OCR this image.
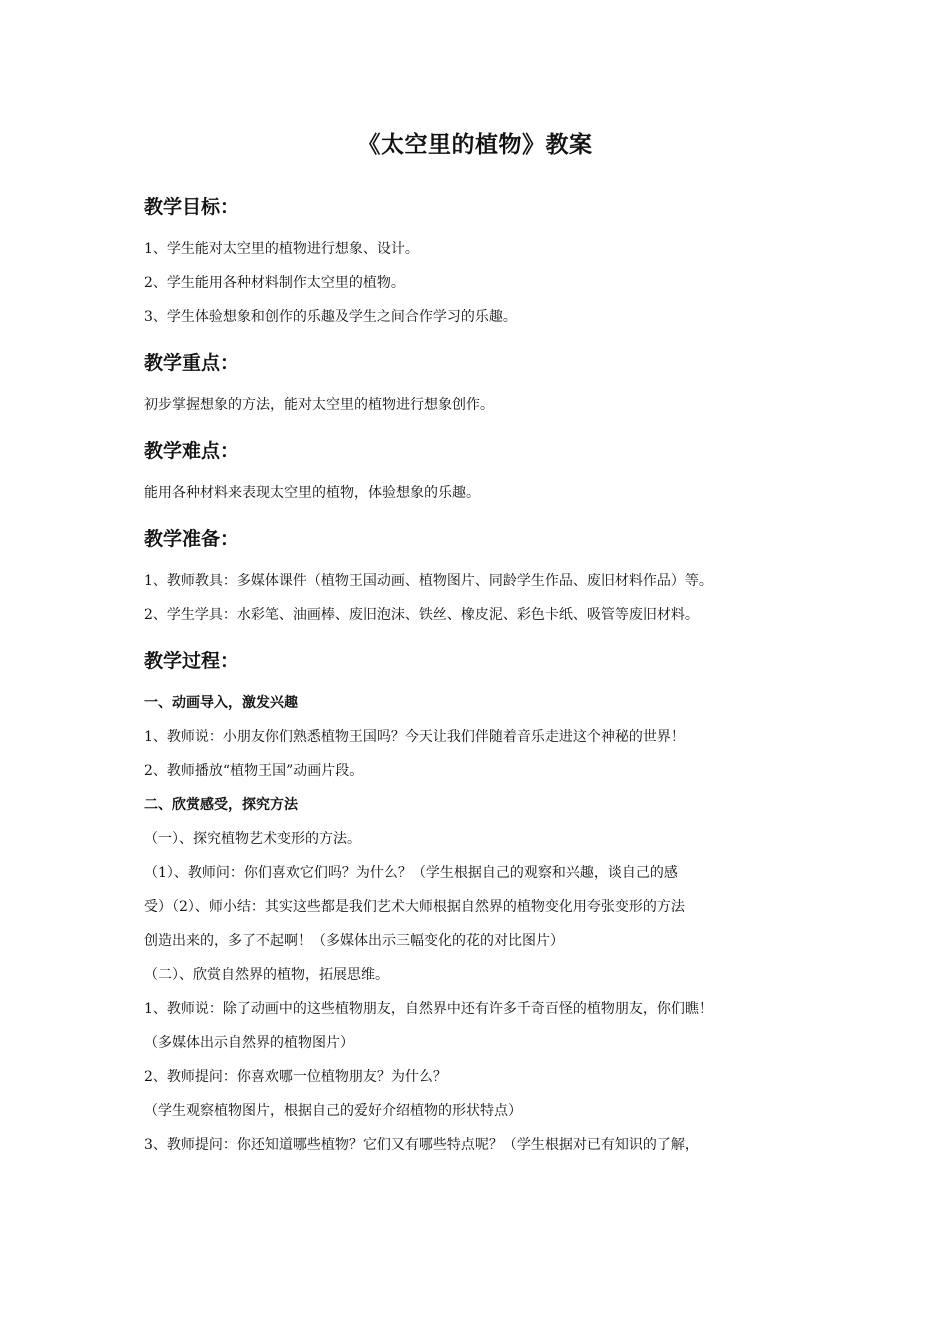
《太空里的植物》教案
教学目标：
1、学生能对太空里的植物进行想象、设计。
2、学生能用各种材料制作太空里的植物。
3、学生体验想象和创作的乐趣及学生之间合作学习的乐趣。
教学重点：
初步掌握想象的方法，能对太空里的植物进行想象创作。
教学难点：
能用各种材料来表现太空里的植物，体验想象的乐趣。
教学准备：
1、教师教具：多媒体课件（植物王国动画、植物图片、同龄学生作品、废旧材料作品）等。
2、学生学具：水彩笔、油画棒、废旧泡沫、铁丝、橡皮泥、彩色卡纸、吸管等废旧材料。
教学过程：
一、动画导入，激发兴趣
1、教师说：小朋友你们熟悉植物王国吗？今天让我们伴随着音乐走进这个神秘的世界！
2、教师播放“植物王国”动画片段。
二、欣赏感受，探究方法
（一）、探究植物艺术变形的方法。
（1）、教师问：你们喜欢它们吗？为什么？（学生根据自己的观察和兴趣，谈自己的感
受）（2）、师小结：其实这些都是我们艺术大师根据自然界的植物变化用夸张变形的方法
创造出来的，多了不起啊！（多媒体出示三幅变化的花的对比图片）
（二）、欣赏自然界的植物，拓展思维。
1、教师说：除了动画中的这些植物朋友，自然界中还有许多千奇百怪的植物朋友，你们瞧！
（多媒体出示自然界的植物图片）
2、教师提问：你喜欢哪一位植物朋友？为什么？
（学生观察植物图片，根据自己的爱好介绍植物的形状特点）
3、教师提问：你还知道哪些植物？它们又有哪些特点呢？（学生根据对已有知识的了解，
